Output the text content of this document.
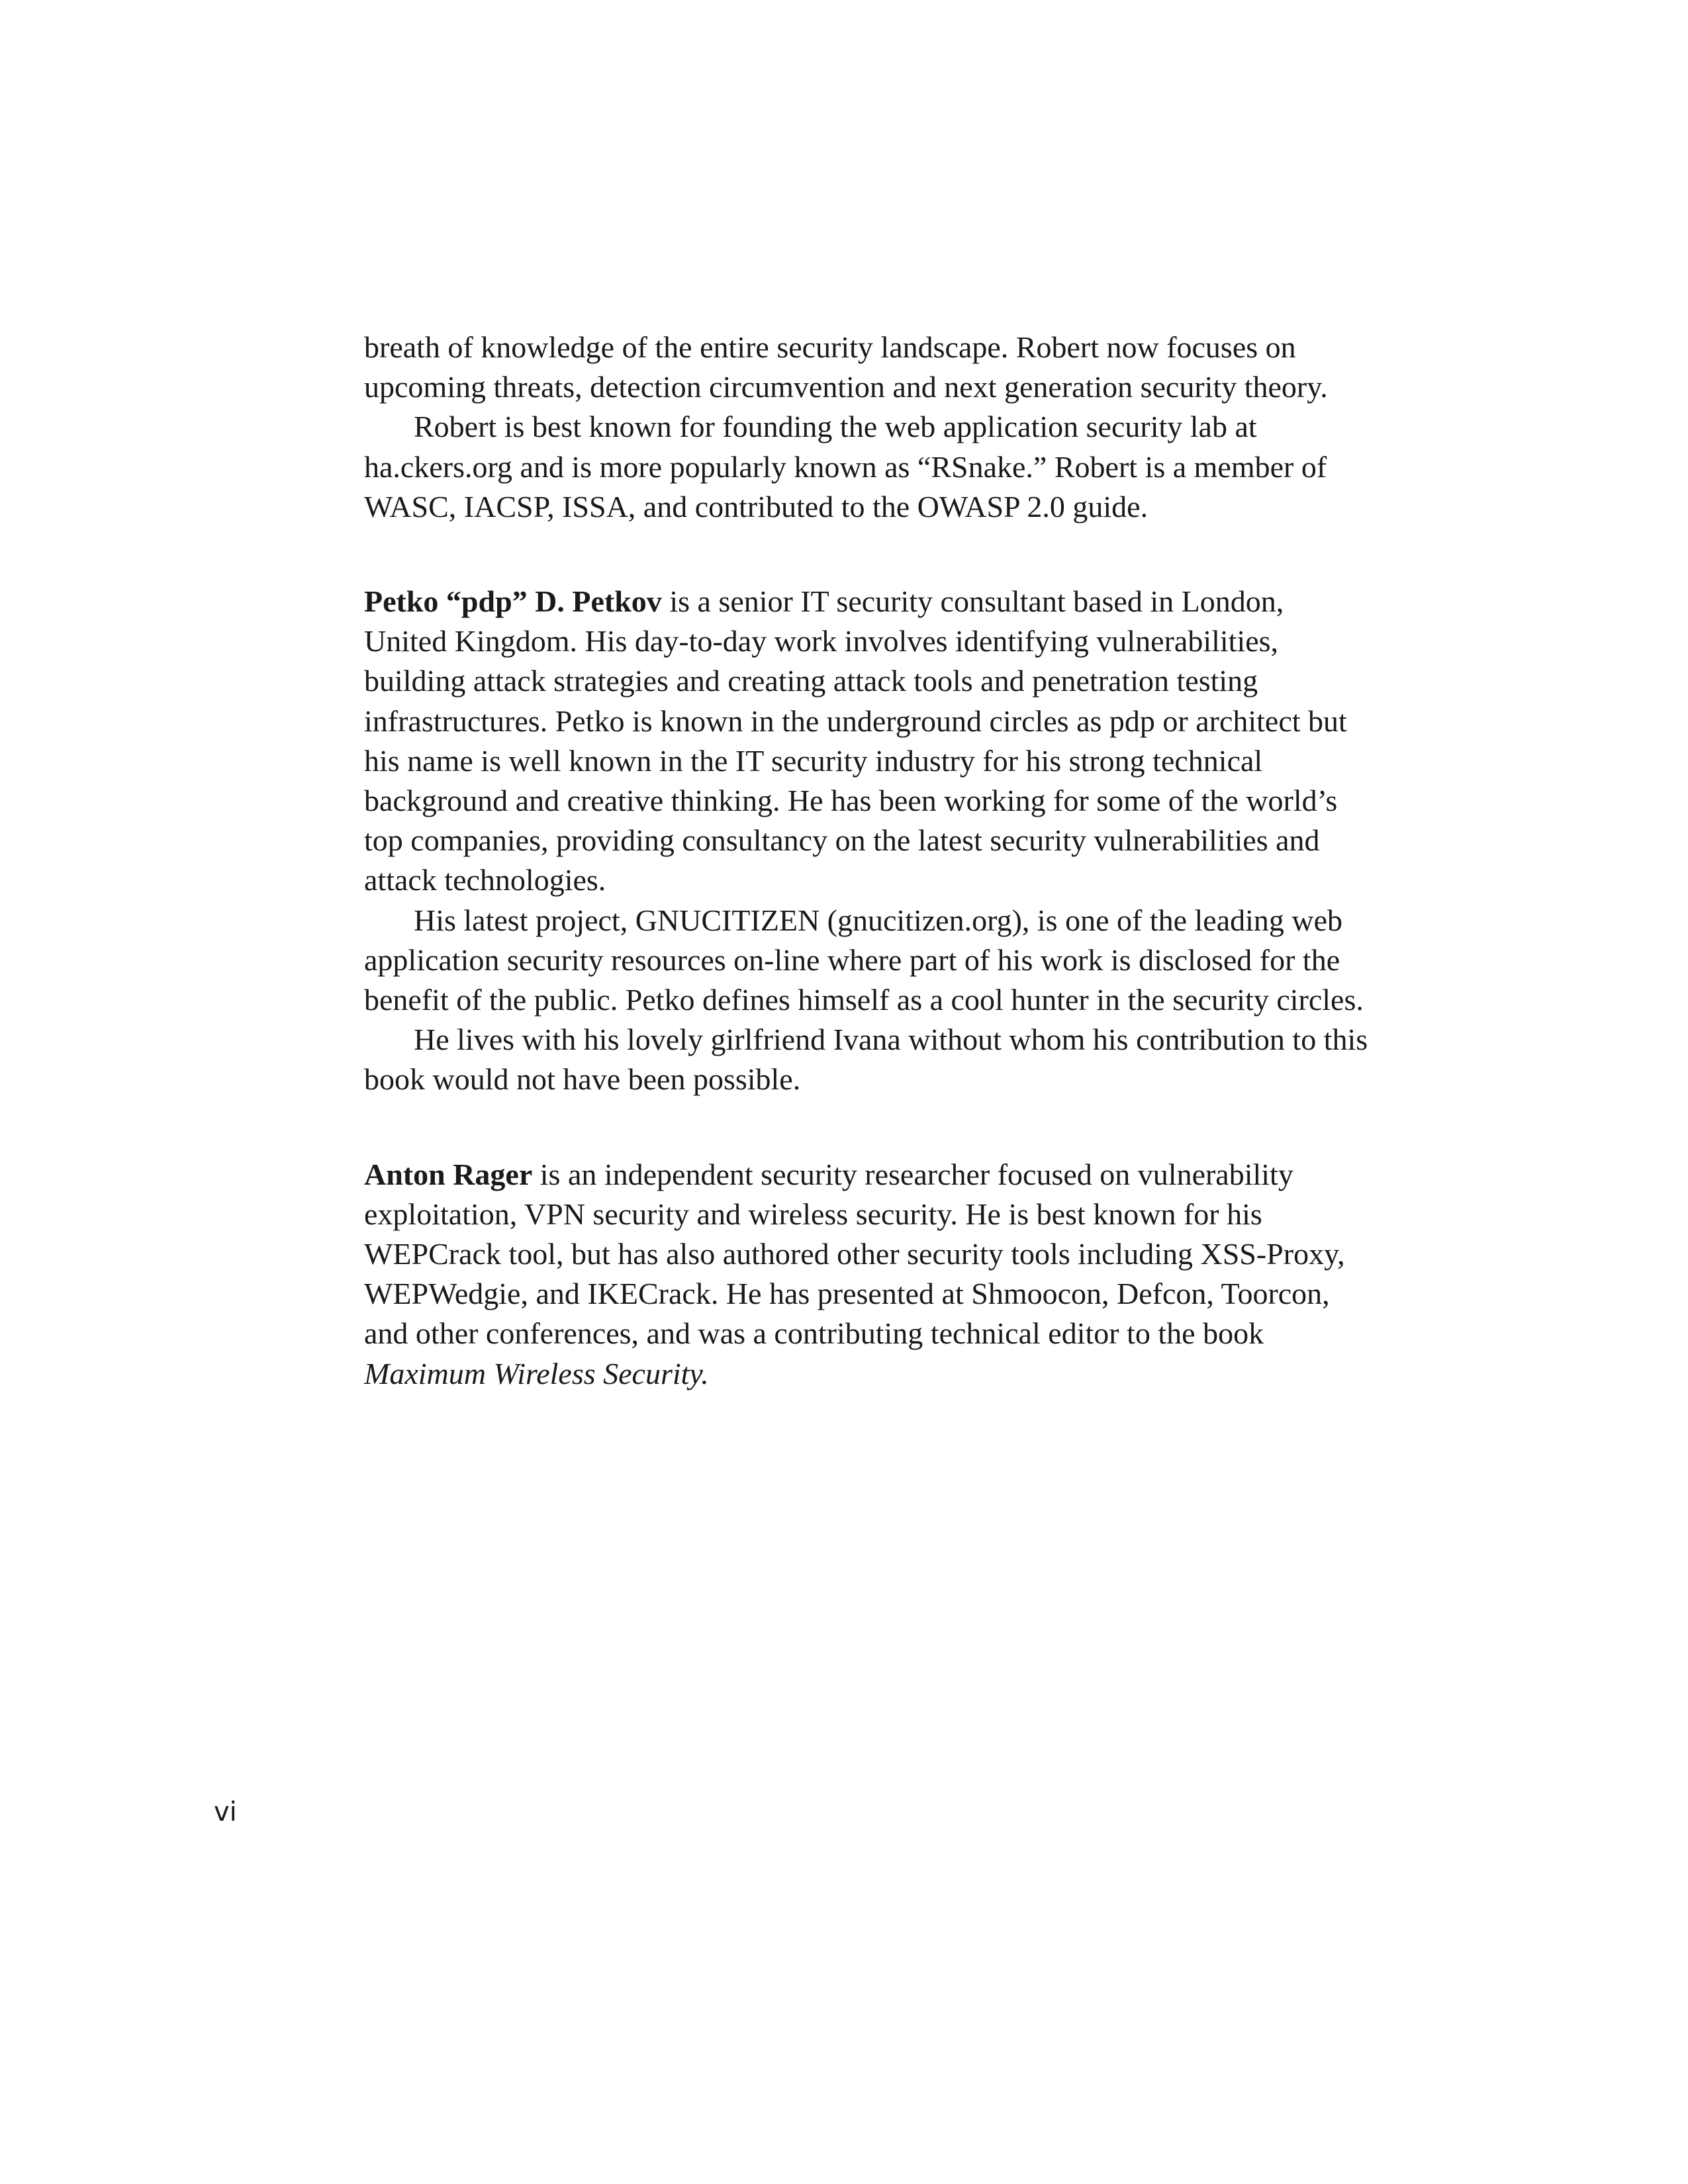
breath of knowledge of the entire security landscape. Robert now focuses on upcoming threats, detection circumvention and next generation security theory.

Robert is best known for founding the web application security lab at ha.ckers.org and is more popularly known as “RSnake.” Robert is a member of WASC, IACSP, ISSA, and contributed to the OWASP 2.0 guide.

Petko “pdp” D. Petkov is a senior IT security consultant based in London, United Kingdom. His day-to-day work involves identifying vulnerabilities, building attack strategies and creating attack tools and penetration testing infrastructures. Petko is known in the underground circles as pdp or architect but his name is well known in the IT security industry for his strong technical background and creative thinking. He has been working for some of the world’s top companies, providing consultancy on the latest security vulnerabilities and attack technologies.

His latest project, GNUCITIZEN (gnucitizen.org), is one of the leading web application security resources on-line where part of his work is disclosed for the benefit of the public. Petko defines himself as a cool hunter in the security circles.

He lives with his lovely girlfriend Ivana without whom his contribution to this book would not have been possible.

Anton Rager is an independent security researcher focused on vulnerability exploitation, VPN security and wireless security. He is best known for his WEPCrack tool, but has also authored other security tools including XSS-Proxy, WEPWedgie, and IKECrack. He has presented at Shmoocon, Defcon, Toorcon, and other conferences, and was a contributing technical editor to the book Maximum Wireless Security.

vi
